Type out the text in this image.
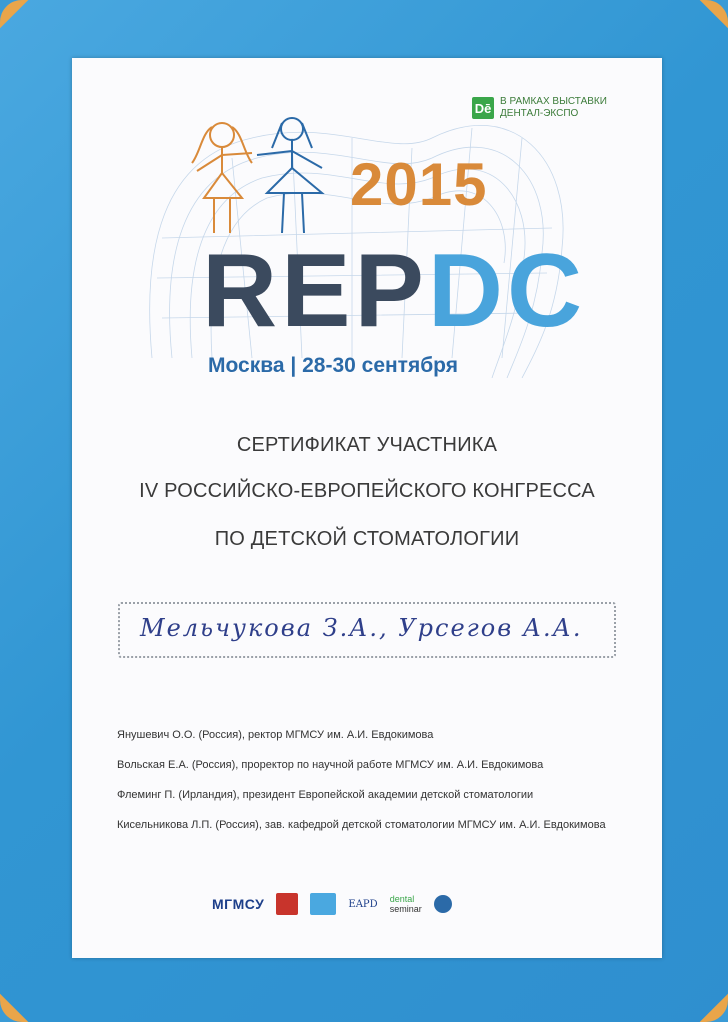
Dē В РАМКАХ ВЫСТАВКИ
ДЕНТАЛ-ЭКСПО
2015
REPDC
Москва | 28-30 сентября
СЕРТИФИКАТ УЧАСТНИКА
IV РОССИЙСКО-ЕВРОПЕЙСКОГО КОНГРЕССА
ПО ДЕТСКОЙ СТОМАТОЛОГИИ
Мельчукова З.А., Урсегов А.А.
Янушевич О.О. (Россия), ректор МГМСУ им. А.И. Евдокимова
Вольская Е.А. (Россия), проректор по научной работе МГМСУ им. А.И. Евдокимова
Флеминг П. (Ирландия), президент Европейской академии детской стоматологии
Кисельникова Л.П. (Россия), зав. кафедрой детской стоматологии МГМСУ им. А.И. Евдокимова
МГМСУ	EAPD dental
seminar
